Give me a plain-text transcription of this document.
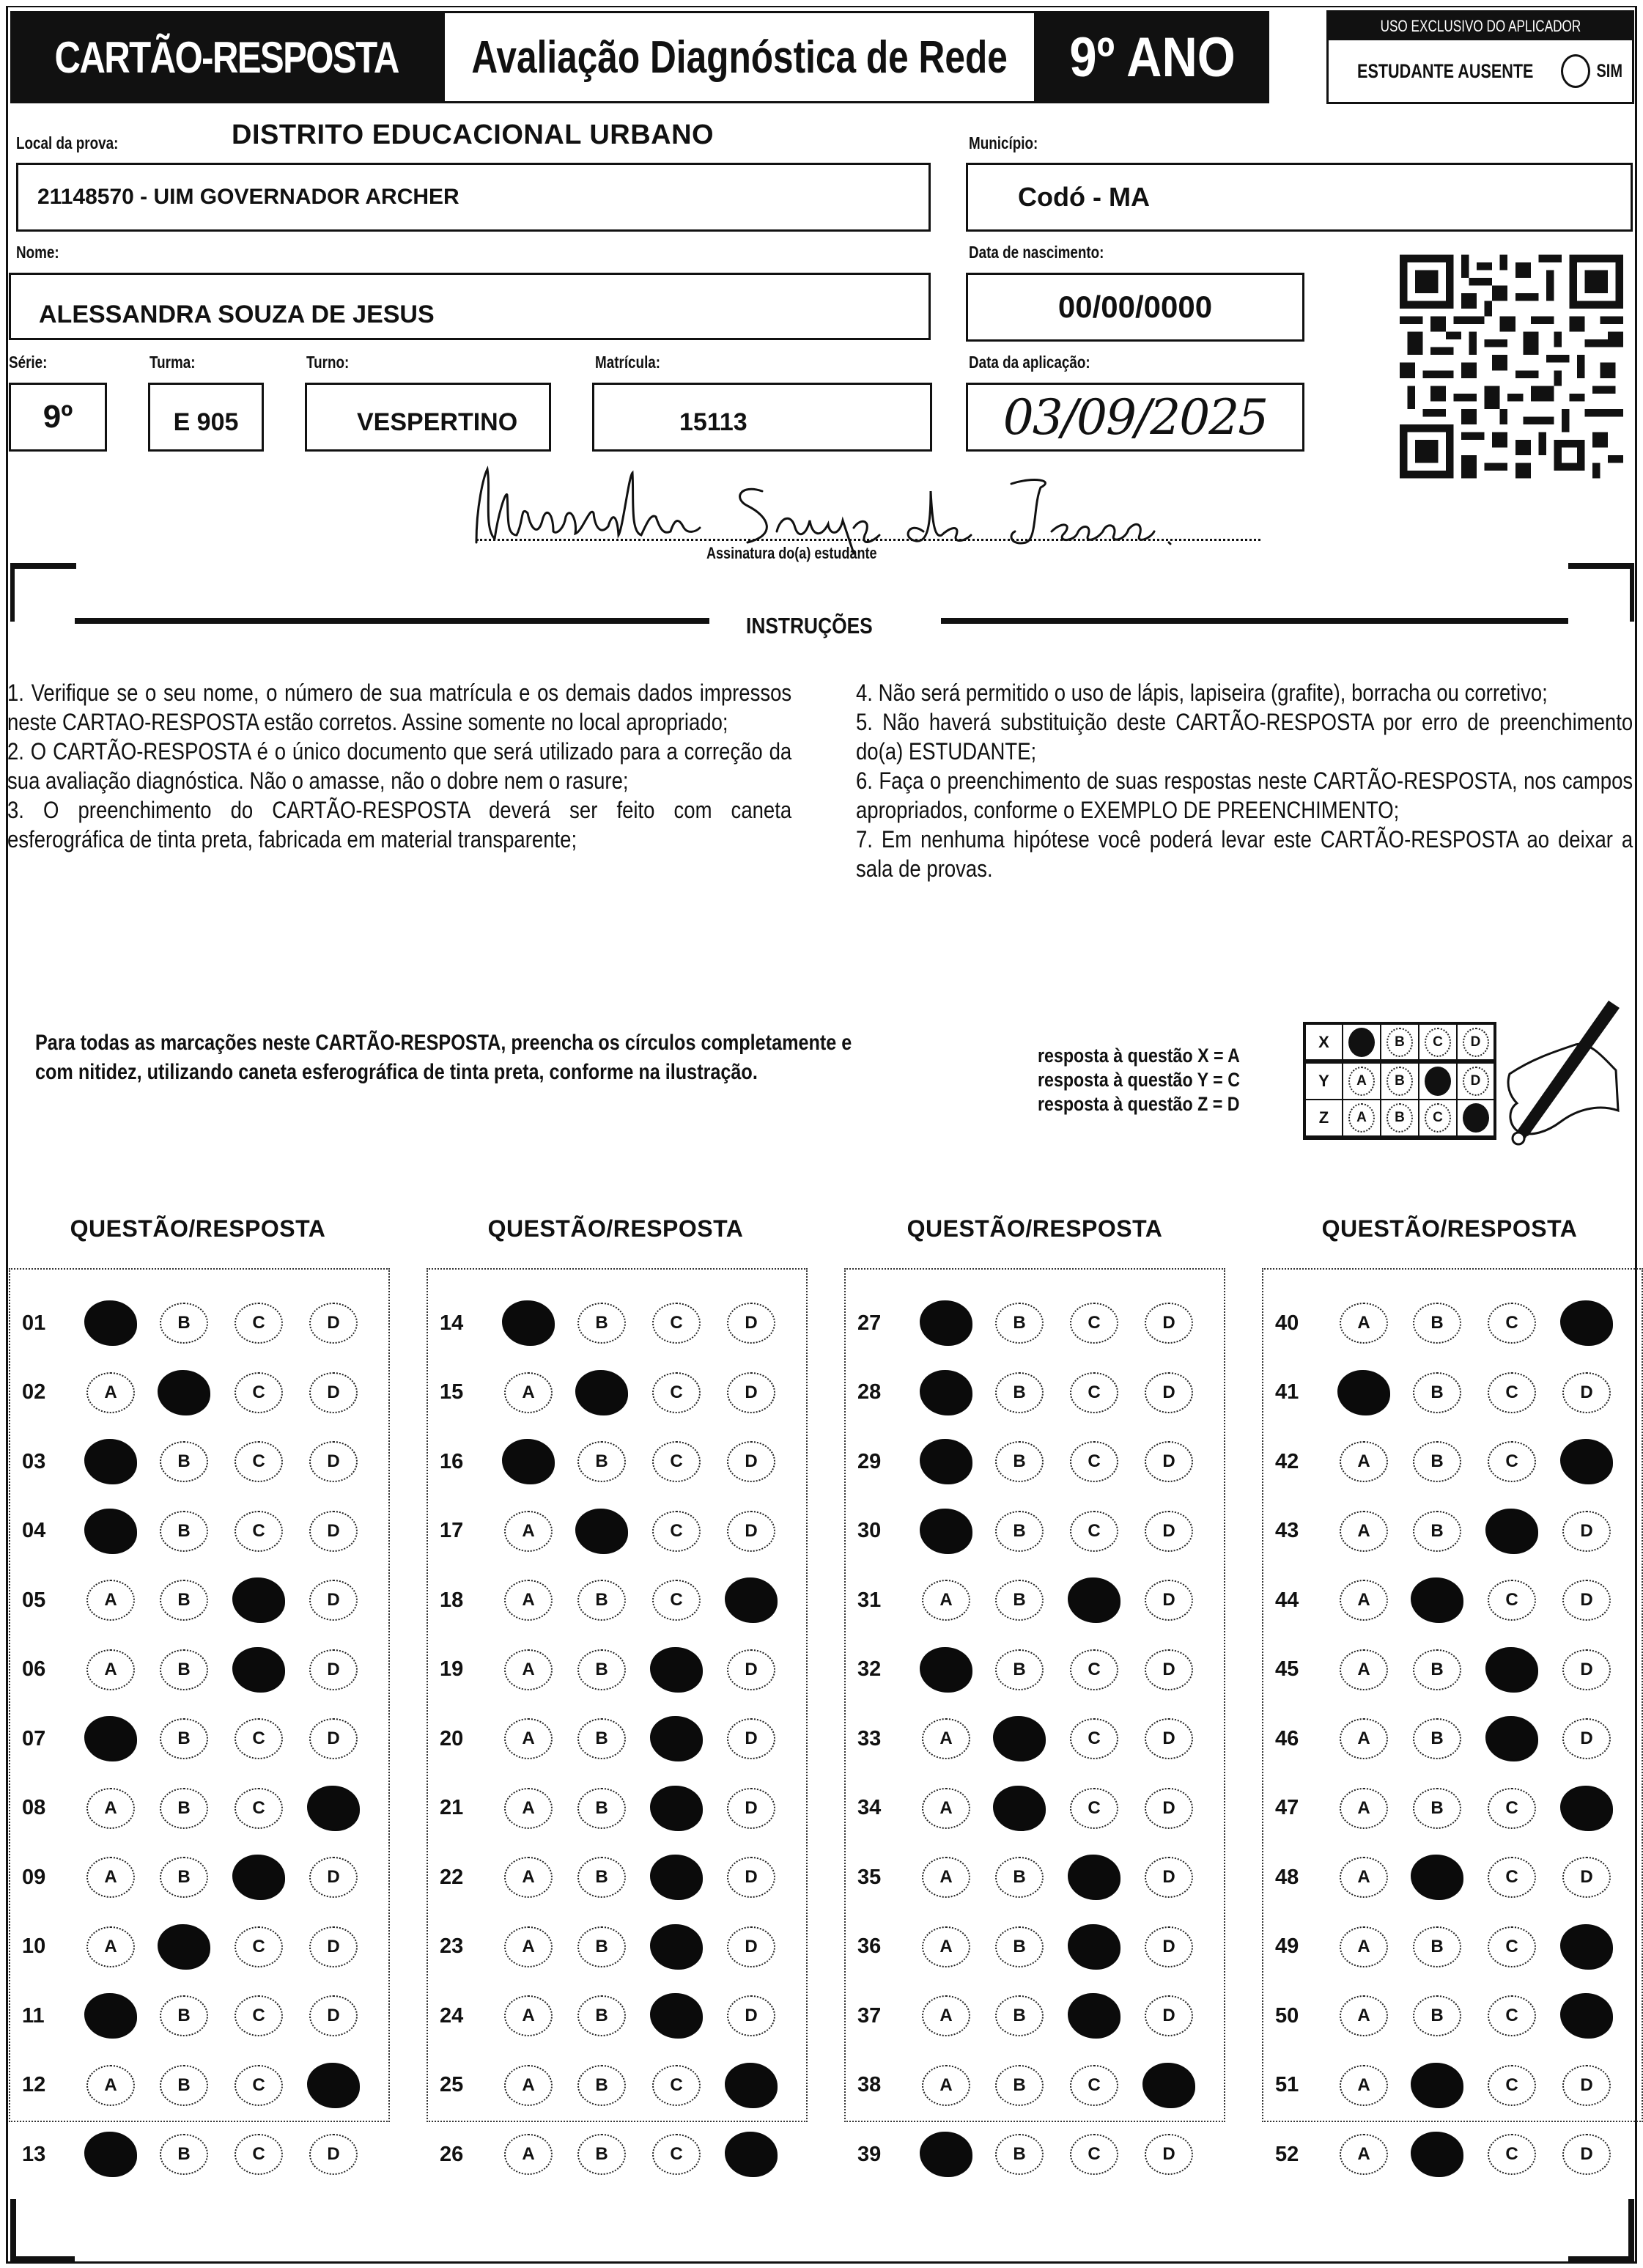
CARTÃO-RESPOSTA Avaliação Diagnóstica de Rede 9º ANO	USO EXCLUSIVO DO APLICADOR
ESTUDANTE AUSENTE	SIM
Local da prova:	DISTRITO EDUCACIONAL URBANO
21148570 - UIM GOVERNADOR ARCHER
Município:
Codó - MA
Nome:
ALESSANDRA SOUZA DE JESUS
Data de nascimento:
00/00/0000
Série:
9º
Turma:
E 905
Turno:
VESPERTINO
Matrícula:
15113
Data da aplicação:
03/09/2025
Assinatura do(a) estudante
INSTRUÇÕES

1. Verifique se o seu nome, o número de sua matrícula e os demais dados impressos neste CARTAO-RESPOSTA estão corretos. Assine somente no local apropriado;

2. O CARTÃO-RESPOSTA é o único documento que será utilizado para a correção da sua avaliação diagnóstica. Não o amasse, não o dobre nem o rasure;

3. O preenchimento do CARTÃO-RESPOSTA deverá ser feito com caneta esferográfica de tinta preta, fabricada em material transparente;

4. Não será permitido o uso de lápis, lapiseira (grafite), borracha ou corretivo;

5. Não haverá substituição deste CARTÃO-RESPOSTA por erro de preenchimento do(a) ESTUDANTE;

6. Faça o preenchimento de suas respostas neste CARTÃO-RESPOSTA, nos campos apropriados, conforme o EXEMPLO DE PREENCHIMENTO;

7. Em nenhuma hipótese você poderá levar este CARTÃO-RESPOSTA ao deixar a sala de provas.

Para todas as marcações neste CARTÃO-RESPOSTA, preencha os círculos completamente e com nitidez, utilizando caneta esferográfica de tinta preta, conforme na ilustração.
resposta à questão X = A
resposta à questão Y = C
resposta à questão Z = D
X		B	C	D
Y	A	B		D
Z	A	B	C	
QUESTÃO/RESPOSTA
01	B	C	D
02	A	C	D
03	B	C	D
04	B	C	D
05	A	B	D
06	A	B	D
07	B	C	D
08	A	B	C
09	A	B	D
10	A	C	D
11	B	C	D
12	A	B	C
13	B	C	D
QUESTÃO/RESPOSTA
14	B	C	D
15	A	C	D
16	B	C	D
17	A	C	D
18	A	B	C
19	A	B	D
20	A	B	D
21	A	B	D
22	A	B	D
23	A	B	D
24	A	B	D
25	A	B	C
26	A	B	C
QUESTÃO/RESPOSTA
27	B	C	D
28	B	C	D
29	B	C	D
30	B	C	D
31	A	B	D
32	B	C	D
33	A	C	D
34	A	C	D
35	A	B	D
36	A	B	D
37	A	B	D
38	A	B	C
39	B	C	D
QUESTÃO/RESPOSTA
40	A	B	C
41	B	C	D
42	A	B	C
43	A	B	D
44	A	C	D
45	A	B	D
46	A	B	D
47	A	B	C
48	A	C	D
49	A	B	C
50	A	B	C
51	A	C	D
52	A	C	D
